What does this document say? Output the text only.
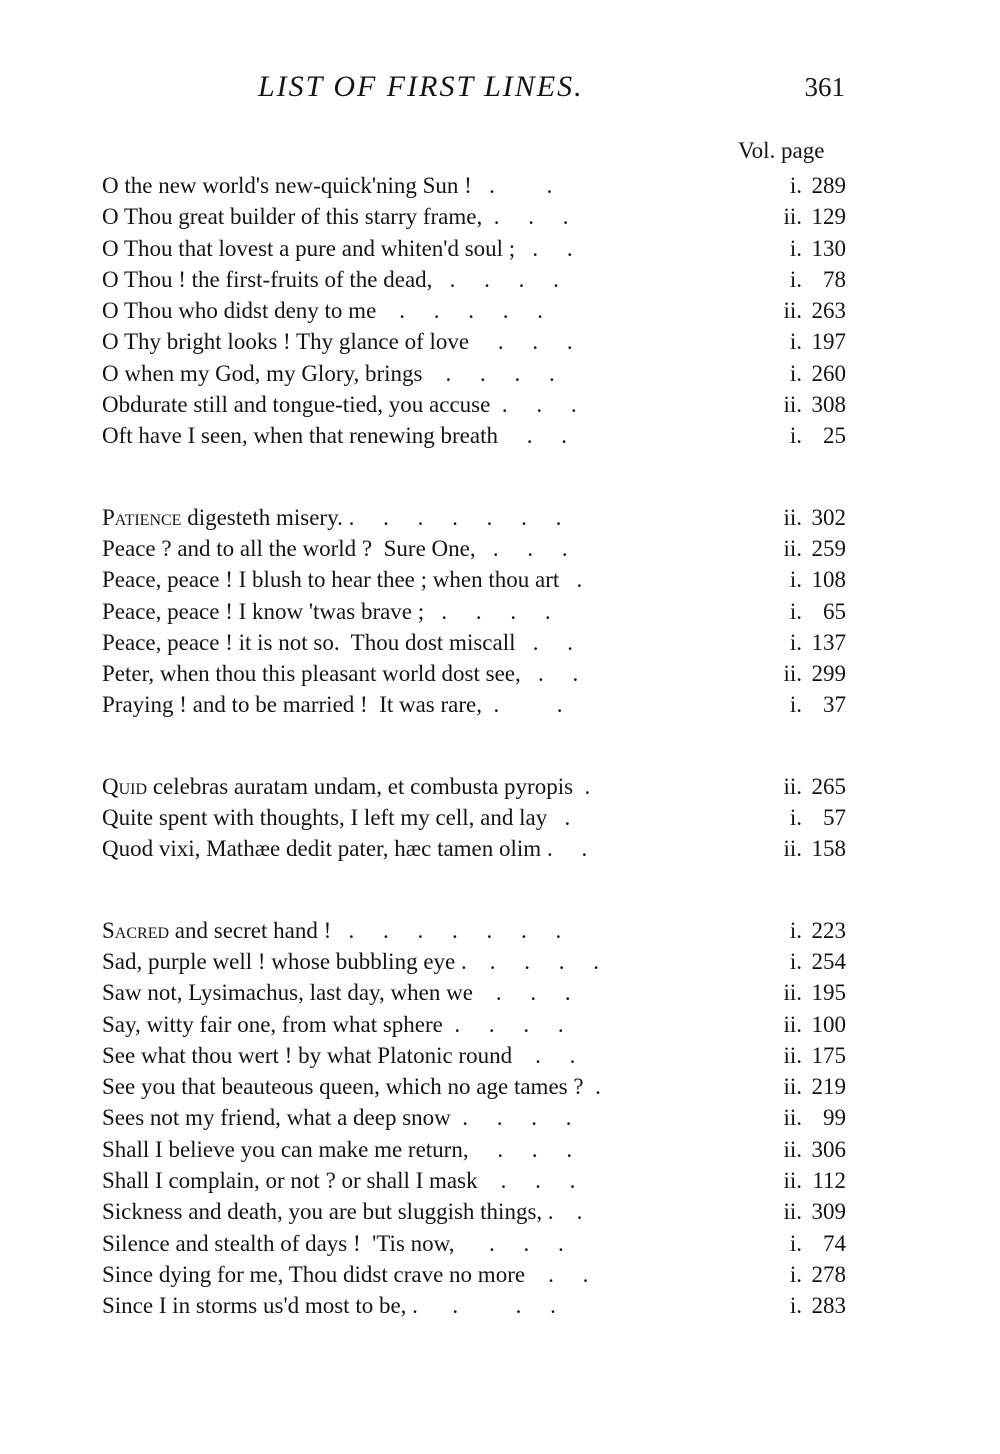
LIST OF FIRST LINES.	361
Vol. page
O the new world's new-quick'ning Sun !   .         .	i. 289
O Thou great builder of this starry frame,  .     .     .	ii. 129
O Thou that lovest a pure and whiten'd soul ;   .     .	i. 130
O Thou ! the first-fruits of the dead,   .     .     .     .	i. 78
O Thou who didst deny to me    .     .     .     .     .	ii. 263
O Thy bright looks ! Thy glance of love     .     .     .	i. 197
O when my God, my Glory, brings    .     .     .     .	i. 260
Obdurate still and tongue-tied, you accuse  .     .     .	ii. 308
Oft have I seen, when that renewing breath     .     .	i. 25
Patience digesteth misery. .     .     .     .     .     .     .	ii. 302
Peace ? and to all the world ?  Sure One,   .     .     .	ii. 259
Peace, peace ! I blush to hear thee ; when thou art   .	i. 108
Peace, peace ! I know 'twas brave ;   .     .     .     .	i. 65
Peace, peace ! it is not so.  Thou dost miscall   .     .	i. 137
Peter, when thou this pleasant world dost see,   .     .	ii. 299
Praying ! and to be married !  It was rare,  .          .	i. 37
Quid celebras auratam undam, et combusta pyropis  .	ii. 265
Quite spent with thoughts, I left my cell, and lay   .	i. 57
Quod vixi, Mathæe dedit pater, hæc tamen olim .     .	ii. 158
Sacred and secret hand !   .     .     .     .     .     .     .	i. 223
Sad, purple well ! whose bubbling eye .    .     .     .     .	i. 254
Saw not, Lysimachus, last day, when we    .     .     .	ii. 195
Say, witty fair one, from what sphere  .     .     .     .	ii. 100
See what thou wert ! by what Platonic round    .     .	ii. 175
See you that beauteous queen, which no age tames ?  .	ii. 219
Sees not my friend, what a deep snow  .     .     .     .	ii. 99
Shall I believe you can make me return,     .     .     .	ii. 306
Shall I complain, or not ? or shall I mask    .     .     .	ii. 112
Sickness and death, you are but sluggish things, .    .	ii. 309
Silence and stealth of days !  'Tis now,      .     .     .	i. 74
Since dying for me, Thou didst crave no more    .     .	i. 278
Since I in storms us'd most to be, .      .          .     .	i. 283
